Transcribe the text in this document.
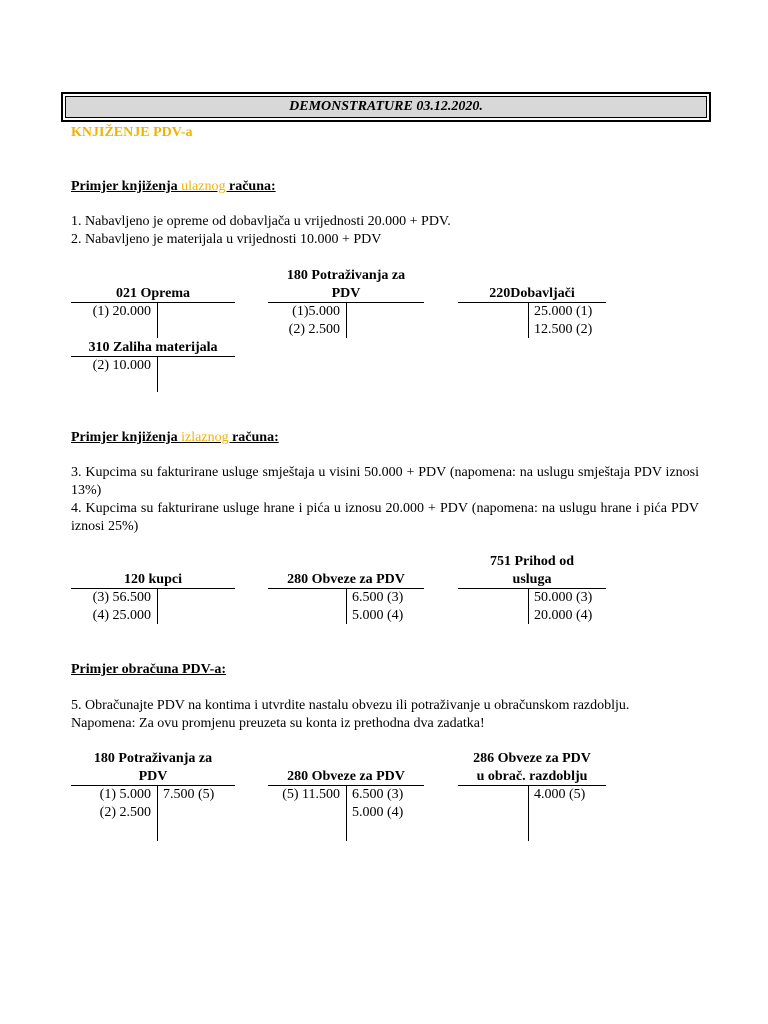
DEMONSTRATURE 03.12.2020.
KNJIŽENJE PDV-a
Primjer knjiženja ulaznog računa:
1. Nabavljeno je opreme od dobavljača u vrijednosti 20.000 + PDV.
2. Nabavljeno je materijala u vrijednosti 10.000 + PDV
021 Oprema
(1) 20.000
180 Potraživanja za
PDV
(1)5.000
(2) 2.500
220Dobavljači
25.000 (1)
12.500 (2)
310 Zaliha materijala
(2) 10.000
Primjer knjiženja izlaznog računa:
3. Kupcima su fakturirane usluge smještaja u visini 50.000 + PDV (napomena: na uslugu smještaja PDV iznosi 13%)
4. Kupcima su fakturirane usluge hrane i pića u iznosu 20.000 + PDV (napomena: na uslugu hrane i pića PDV iznosi 25%)
120 kupci
(3) 56.500
(4) 25.000
280 Obveze za PDV
6.500 (3)
5.000 (4)
751 Prihod od
usluga
50.000 (3)
20.000 (4)
Primjer obračuna PDV-a:
5. Obračunajte PDV na kontima i utvrdite nastalu obvezu ili potraživanje u obračunskom razdoblju.
Napomena: Za ovu promjenu preuzeta su konta iz prethodna dva zadatka!
180 Potraživanja za
PDV
(1) 5.000
(2) 2.500
7.500 (5)
280 Obveze za PDV
(5) 11.500 6.500 (3)
5.000 (4)
286 Obveze za PDV
u obrač. razdoblju
4.000 (5)
